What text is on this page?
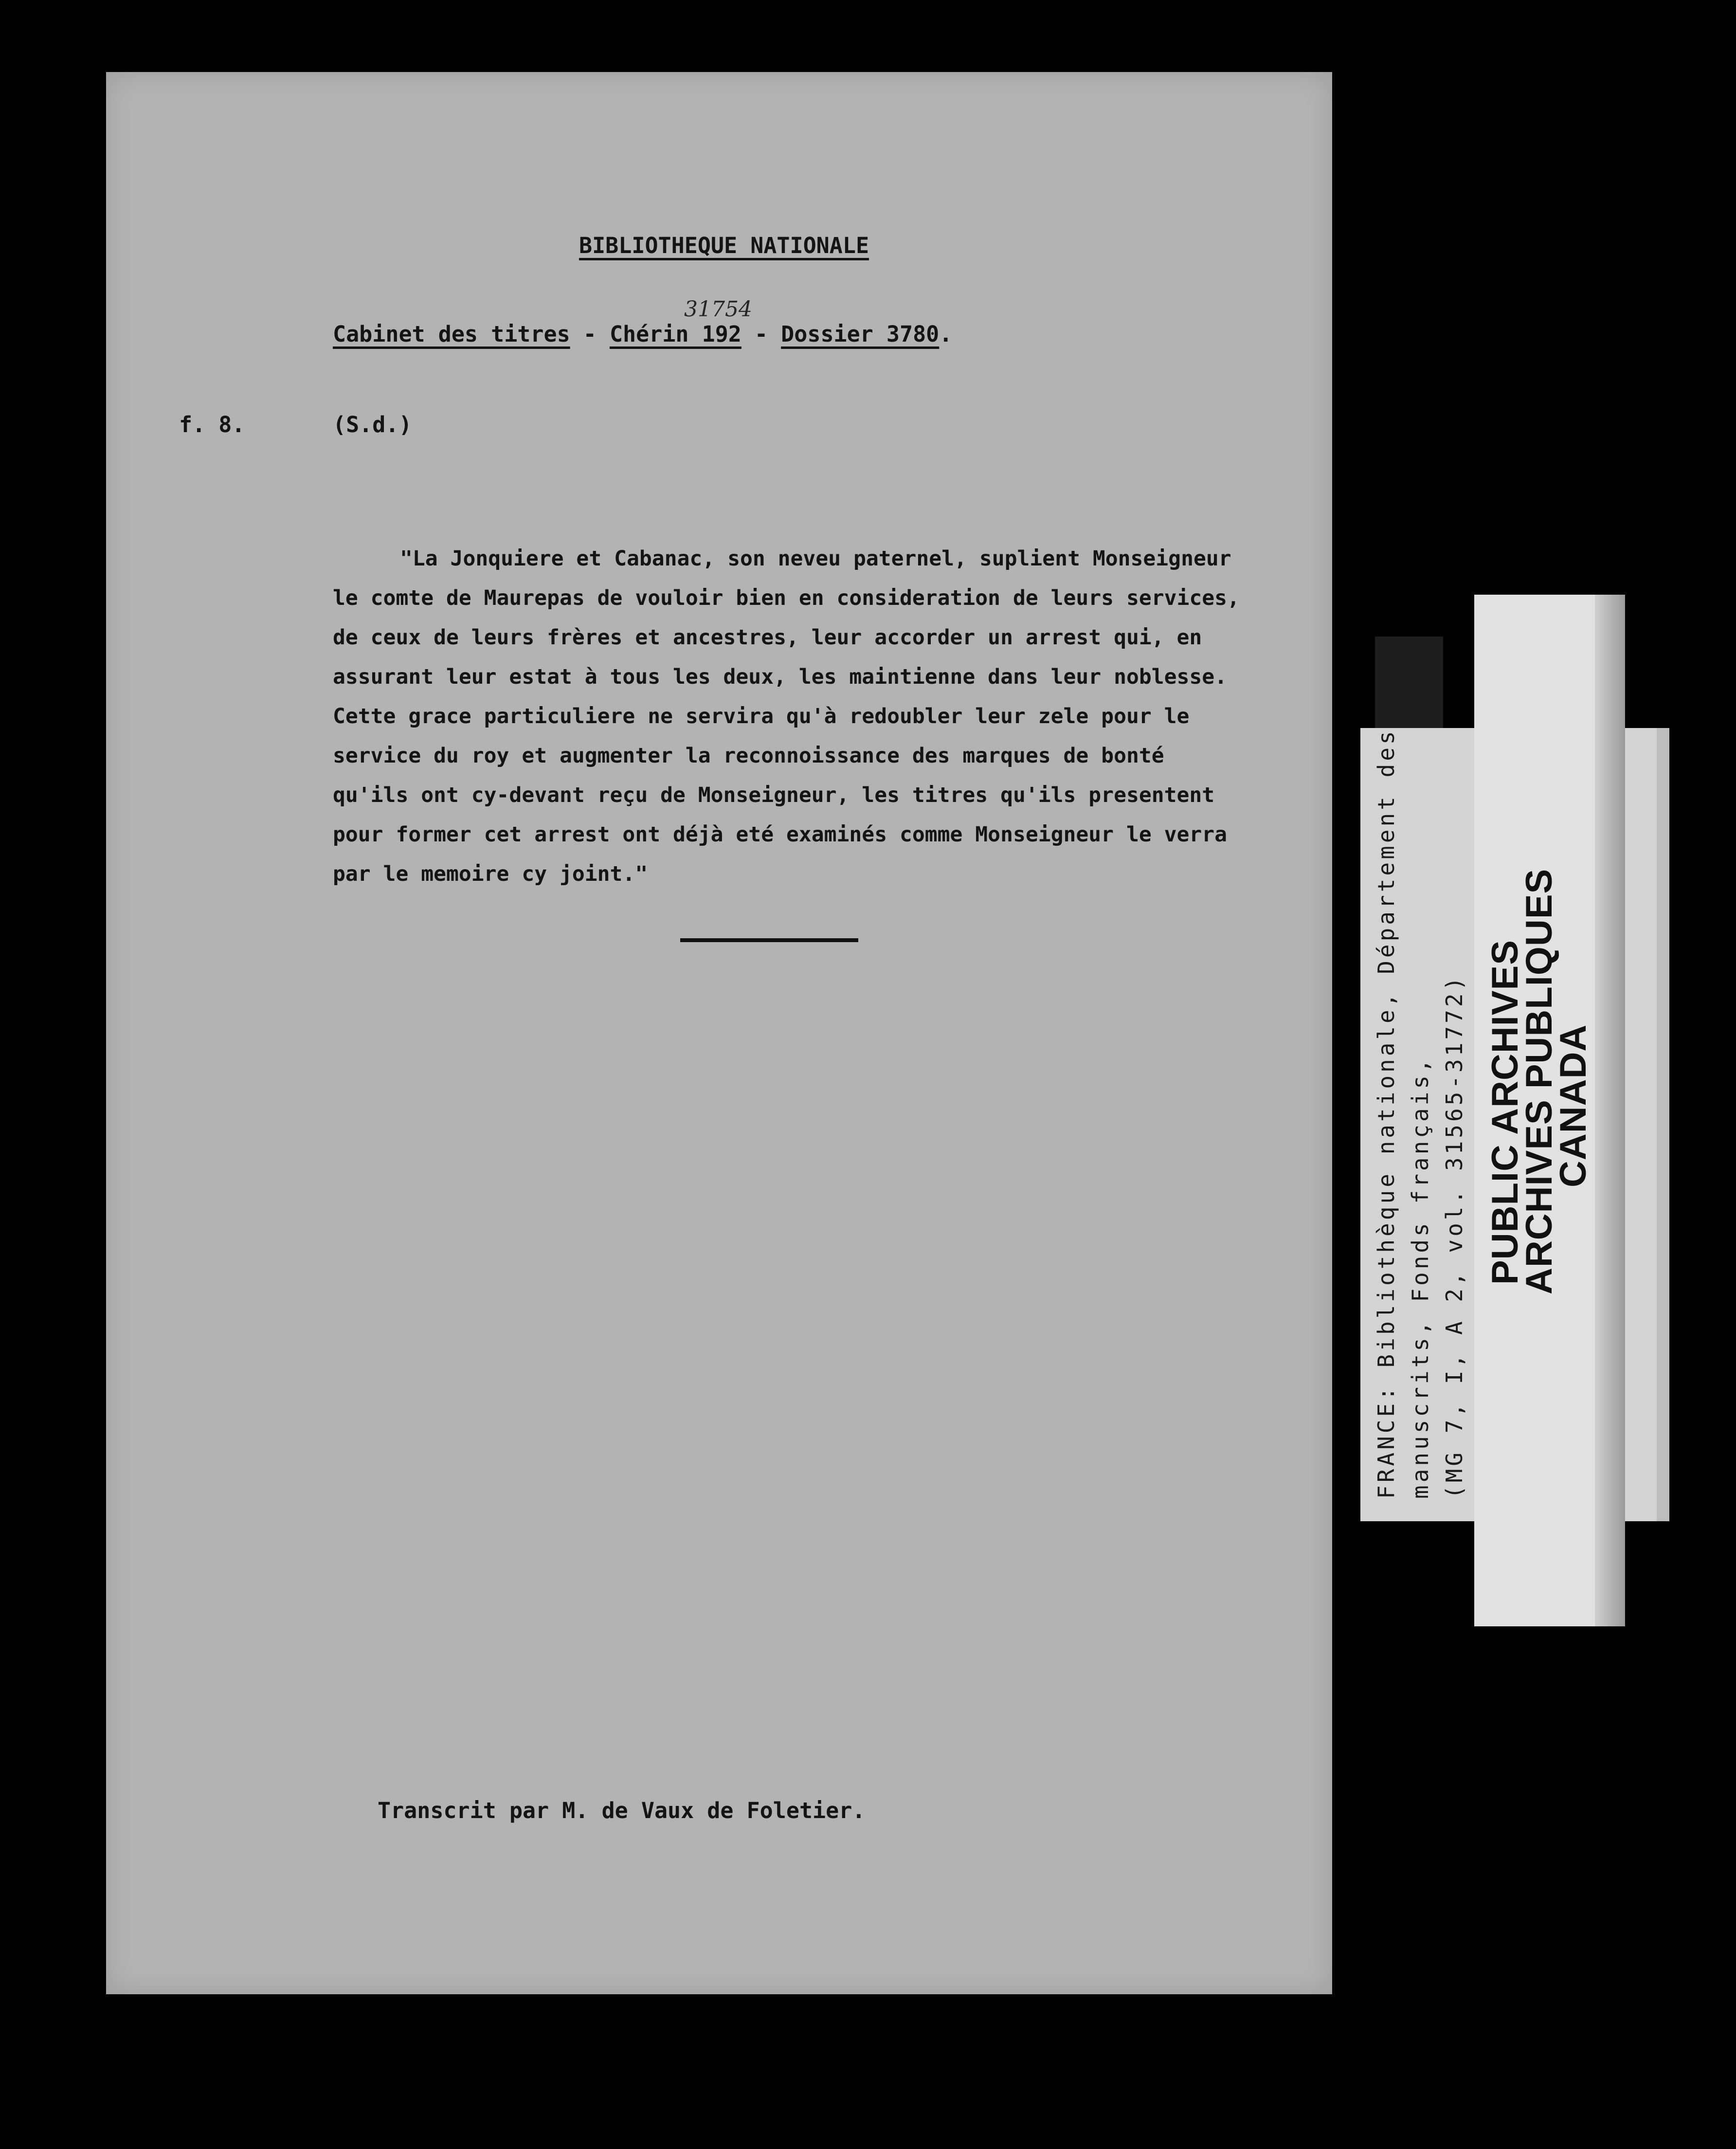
BIBLIOTHEQUE NATIONALE
31754
Cabinet des titres - Chérin 192 - Dossier 3780.
f. 8.	(S.d.)
"La Jonquiere et Cabanac, son neveu paternel, suplient Monseigneur
le comte de Maurepas de vouloir bien en consideration de leurs services,
de ceux de leurs frères et ancestres, leur accorder un arrest qui, en
assurant leur estat à tous les deux, les maintienne dans leur noblesse.
Cette grace particuliere ne servira qu'à redoubler leur zele pour le
service du roy et augmenter la reconnoissance des marques de bonté
qu'ils ont cy-devant reçu de Monseigneur, les titres qu'ils presentent
pour former cet arrest ont déjà eté examinés comme Monseigneur le verra
par le memoire cy joint."
Transcrit par M. de Vaux de Foletier.
FRANCE: Bibliothèque nationale, Département des manuscrits, Fonds français, (MG 7, I, A 2, vol. 31565-31772) PUBLIC ARCHIVES
ARCHIVES PUBLIQUES
CANADA
